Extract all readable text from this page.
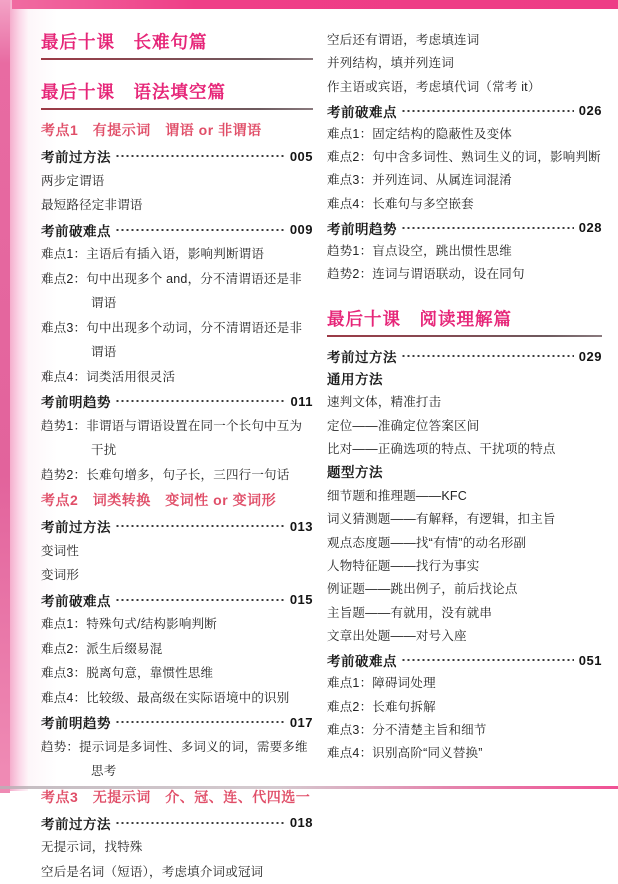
最后十课　长难句篇
最后十课　语法填空篇
考点1　有提示词　谓语 or 非谓语
考前过方法	005
两步定谓语
最短路径定非谓语
考前破难点	009
难点1：主语后有插入语，影响判断谓语
难点2：句中出现多个 and，分不清谓语还是非谓语
难点3：句中出现多个动词，分不清谓语还是非谓语
难点4：词类活用很灵活
考前明趋势	011
趋势1：非谓语与谓语设置在同一个长句中互为干扰
趋势2：长难句增多，句子长，三四行一句话
考点2　词类转换　变词性 or 变词形
考前过方法	013
变词性
变词形
考前破难点	015
难点1：特殊句式/结构影响判断
难点2：派生后缀易混
难点3：脱离句意，靠惯性思维
难点4：比较级、最高级在实际语境中的识别
考前明趋势	017
趋势：提示词是多词性、多词义的词，需要多维思考
考点3　无提示词　介、冠、连、代四选一
考前过方法	018
无提示词，找特殊
空后是名词（短语），考虑填介词或冠词
空后还有谓语，考虑填连词
并列结构，填并列连词
作主语或宾语，考虑填代词（常考 it）
考前破难点	026
难点1：固定结构的隐蔽性及变体
难点2：句中含多词性、熟词生义的词，影响判断
难点3：并列连词、从属连词混淆
难点4：长难句与多空嵌套
考前明趋势	028
趋势1：盲点设空，跳出惯性思维
趋势2：连词与谓语联动，设在同句
最后十课　阅读理解篇
考前过方法	029
通用方法
速判文体，精准打击
定位——准确定位答案区间
比对——正确选项的特点、干扰项的特点
题型方法
细节题和推理题——KFC
词义猜测题——有解释，有逻辑，扣主旨
观点态度题——找“有情”的动名形副
人物特征题——找行为事实
例证题——跳出例子，前后找论点
主旨题——有就用，没有就串
文章出处题——对号入座
考前破难点	051
难点1：障碍词处理
难点2：长难句拆解
难点3：分不清楚主旨和细节
难点4：识别高阶“同义替换”
